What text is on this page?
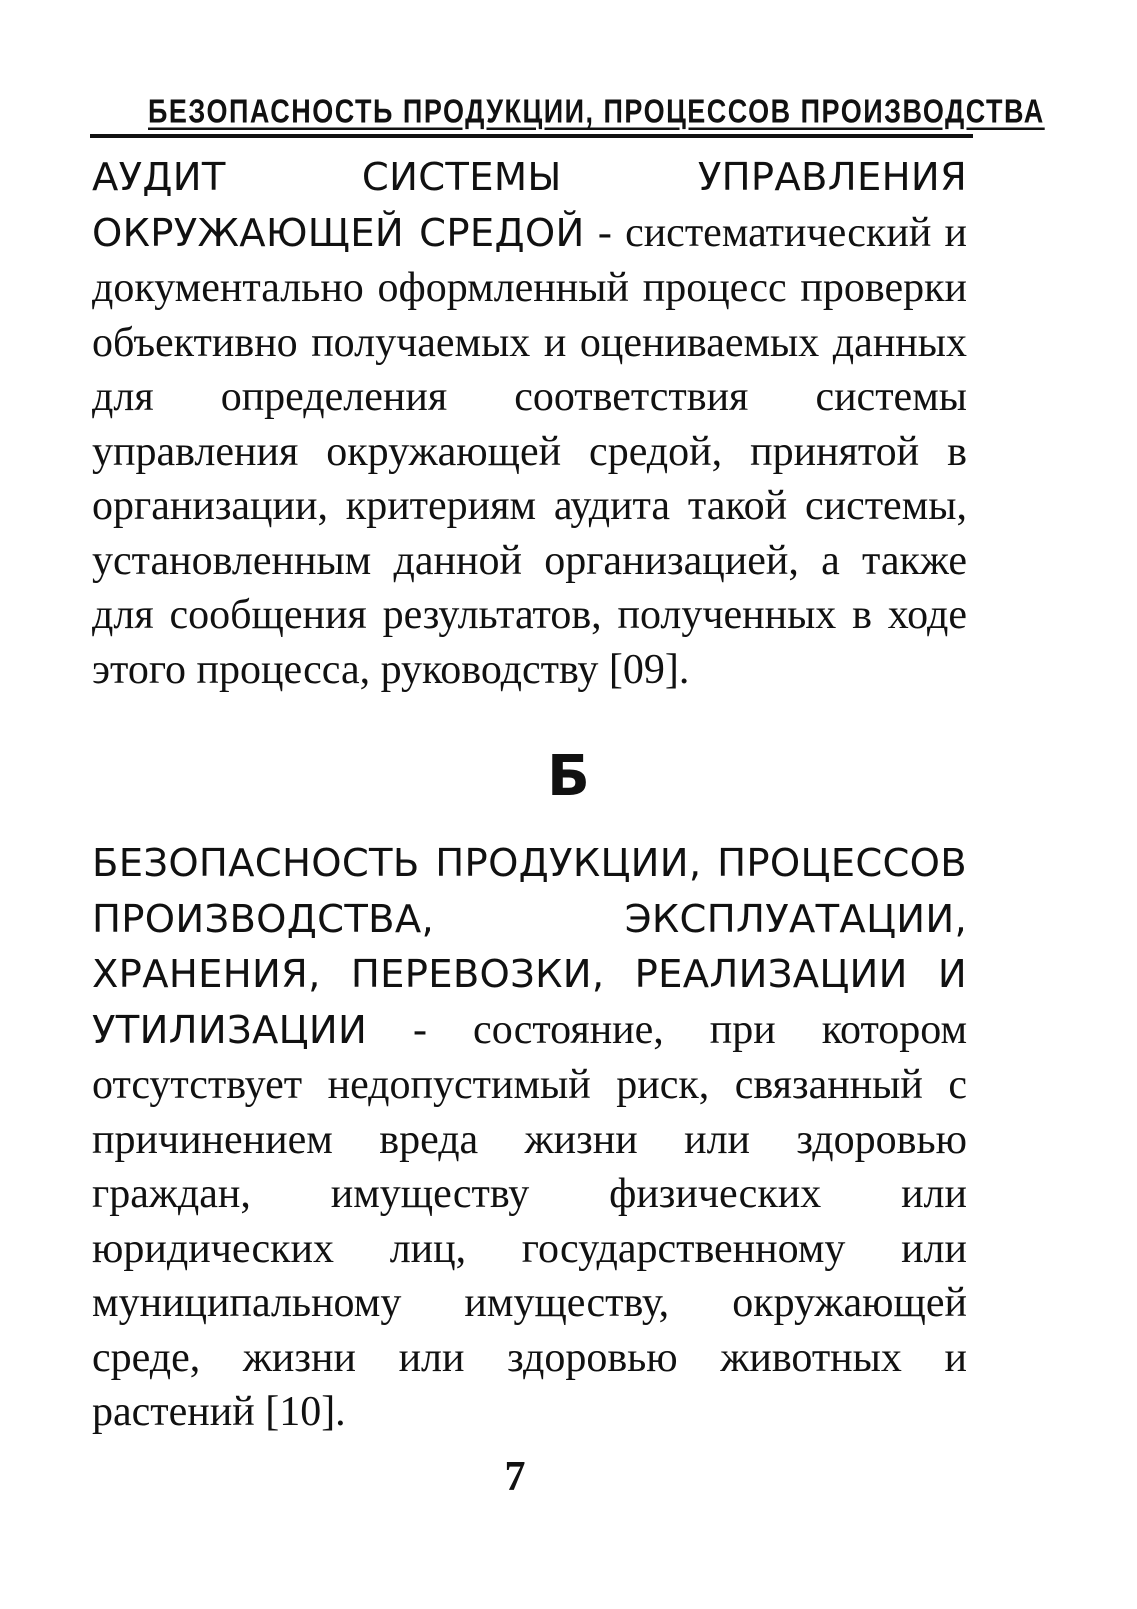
БЕЗОПАСНОСТЬ ПРОДУКЦИИ, ПРОЦЕССОВ ПРОИЗВОДСТВА

АУДИТ СИСТЕМЫ УПРАВЛЕНИЯ ОКРУЖАЮЩЕЙ СРЕДОЙ - систематический и документально оформленный процесс проверки объективно получаемых и оцениваемых данных для определения соответствия системы управления окружающей средой, принятой в организации, критериям аудита такой системы, установленным данной организацией, а также для сообщения результатов, полученных в ходе этого процесса, руководству [09].

Б

БЕЗОПАСНОСТЬ ПРОДУКЦИИ, ПРОЦЕССОВ ПРОИЗВОДСТВА, ЭКСПЛУАТАЦИИ, ХРАНЕНИЯ, ПЕРЕВОЗКИ, РЕАЛИЗАЦИИ И УТИЛИЗАЦИИ - состояние, при котором отсутствует недопустимый риск, связанный с причинением вреда жизни или здоровью граждан, имуществу физических или юридических лиц, государственному или муниципальному имуществу, окружающей среде, жизни или здоровью животных и растений [10].

7
